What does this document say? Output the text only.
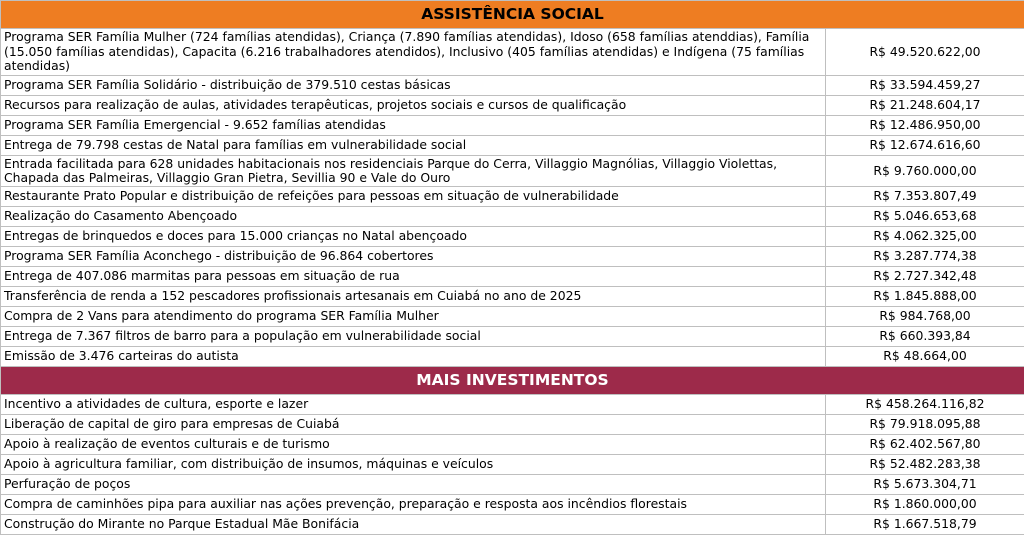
ASSISTÊNCIA SOCIAL	
Programa SER Família Mulher (724 famílias atendidas), Criança (7.890 famílias atendidas), Idoso (658 famílias atenddias), Família (15.050 famílias atendidas), Capacita (6.216 trabalhadores atendidos), Inclusivo (405 famílias atendidas) e Indígena (75 famílias atendidas)	R$ 49.520.622,00
Programa SER Família Solidário - distribuição de 379.510 cestas básicas	R$ 33.594.459,27
Recursos para realização de aulas, atividades terapêuticas, projetos sociais e cursos de qualificação	R$ 21.248.604,17
Programa SER Família Emergencial - 9.652 famílias atendidas	R$ 12.486.950,00
Entrega de 79.798 cestas de Natal para famílias em vulnerabilidade social	R$ 12.674.616,60
Entrada facilitada para 628 unidades habitacionais nos residenciais Parque do Cerra, Villaggio Magnólias, Villaggio Violettas, Chapada das Palmeiras, Villaggio Gran Pietra, Sevillia 90 e Vale do Ouro	R$ 9.760.000,00
Restaurante Prato Popular e distribuição de refeições para pessoas em situação de vulnerabilidade	R$ 7.353.807,49
Realização do Casamento Abençoado	R$ 5.046.653,68
Entregas de brinquedos e doces para 15.000 crianças no Natal abençoado	R$ 4.062.325,00
Programa SER Família Aconchego - distribuição de 96.864 cobertores	R$ 3.287.774,38
Entrega de 407.086 marmitas para pessoas em situação de rua	R$ 2.727.342,48
Transferência de renda a 152 pescadores profissionais artesanais em Cuiabá no ano de 2025	R$ 1.845.888,00
Compra de 2 Vans para atendimento do programa SER Família Mulher	R$ 984.768,00
Entrega de 7.367 filtros de barro para a população em vulnerabilidade social	R$ 660.393,84
Emissão de 3.476 carteiras do autista	R$ 48.664,00
MAIS INVESTIMENTOS	
Incentivo a atividades de cultura, esporte e lazer	R$ 458.264.116,82
Liberação de capital de giro para empresas de Cuiabá	R$ 79.918.095,88
Apoio à realização de eventos culturais e de turismo	R$ 62.402.567,80
Apoio à agricultura familiar, com distribuição de insumos, máquinas e veículos	R$ 52.482.283,38
Perfuração de poços	R$ 5.673.304,71
Compra de caminhões pipa para auxiliar nas ações prevenção, preparação e resposta aos incêndios florestais	R$ 1.860.000,00
Construção do Mirante no Parque Estadual Mãe Bonifácia	R$ 1.667.518,79
